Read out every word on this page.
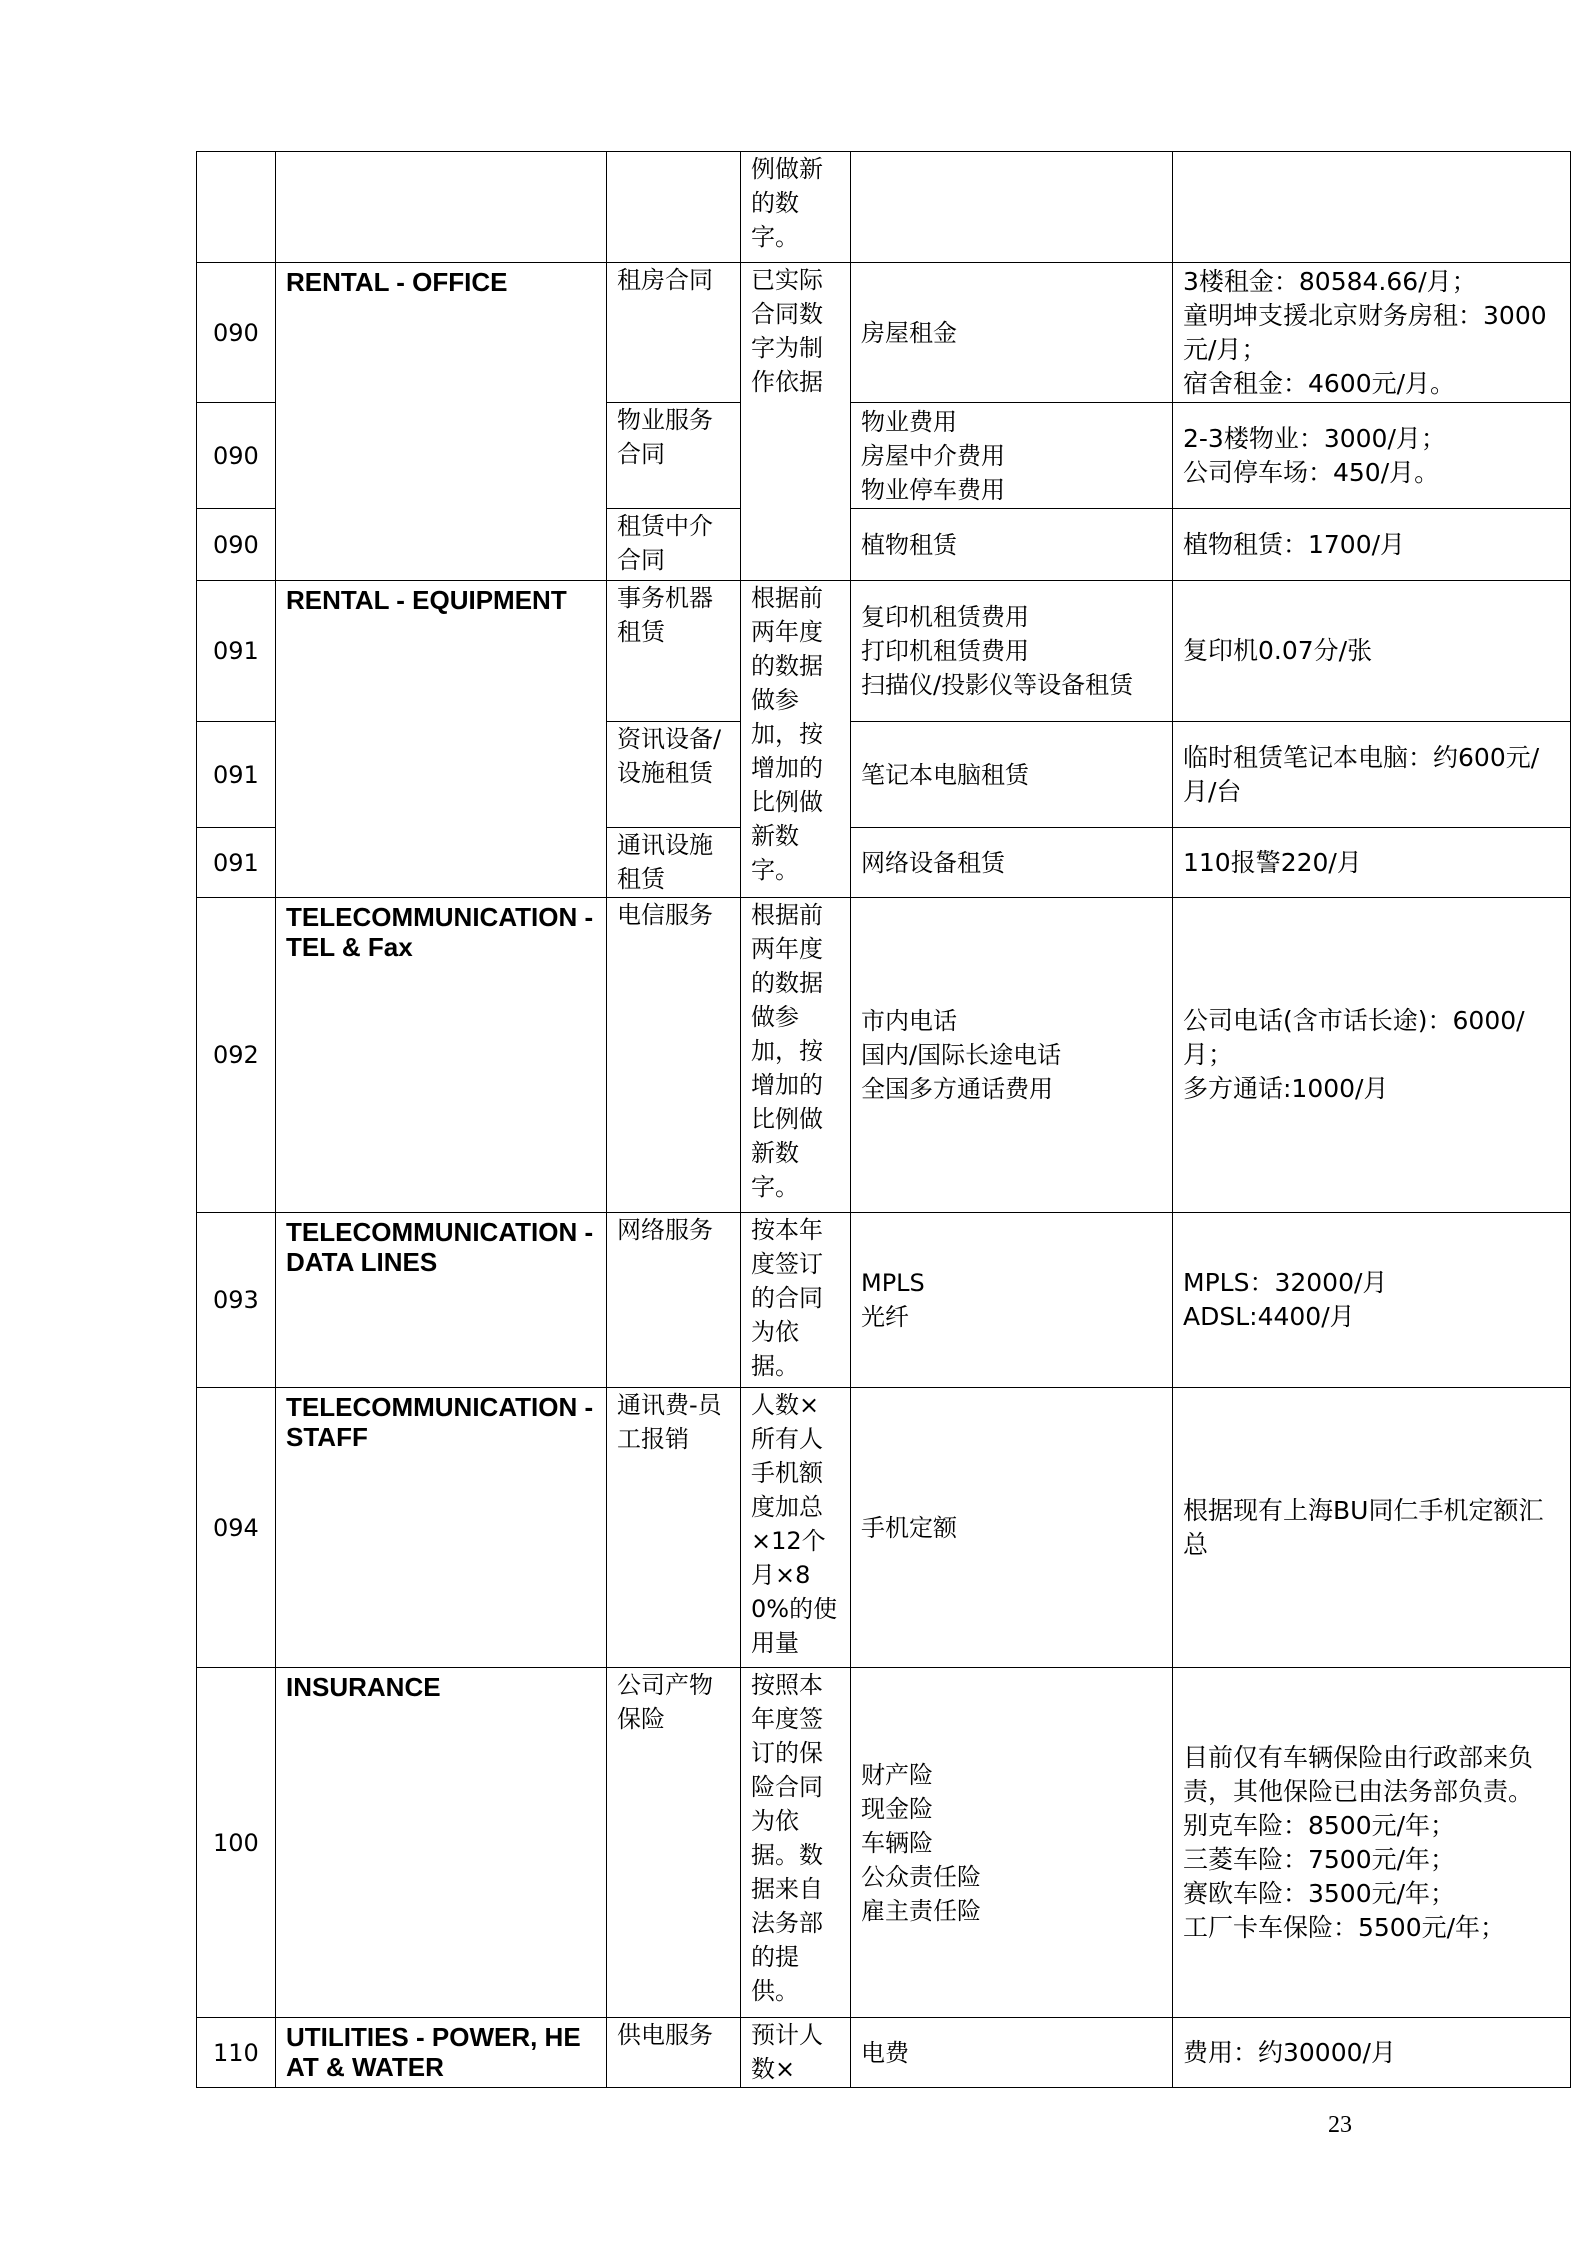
			例做新的数字。		
090	RENTAL - OFFICE	租房合同	已实际合同数字为制作依据	房屋租金	3楼租金：80584.66/月；
童明坤支援北京财务房租：3000元/月；
宿舍租金：4600元/月。
090		物业服务合同		物业费用
房屋中介费用
物业停车费用	2-3楼物业：3000/月；
公司停车场：450/月。
090		租赁中介合同		植物租赁	植物租赁：1700/月
091	RENTAL - EQUIPMENT	事务机器租赁	根据前两年度的数据做参加，按增加的比例做新数字。	复印机租赁费用
打印机租赁费用
扫描仪/投影仪等设备租赁	复印机0.07分/张
091		资讯设备/设施租赁		笔记本电脑租赁	临时租赁笔记本电脑：约600元/月/台
091		通讯设施租赁		网络设备租赁	110报警220/月
092	TELECOMMUNICATION - TEL & Fax	电信服务	根据前两年度的数据做参加，按增加的比例做新数字。	市内电话
国内/国际长途电话
全国多方通话费用	公司电话(含市话长途)：6000/月；
多方通话:1000/月
093	TELECOMMUNICATION - DATA LINES	网络服务	按本年度签订的合同为依据。	MPLS
光纤	MPLS：32000/月
ADSL:4400/月
094	TELECOMMUNICATION - STAFF	通讯费-员工报销	人数×所有人手机额度加总×12个月×80%的使用量	手机定额	根据现有上海BU同仁手机定额汇总
100	INSURANCE	公司产物保险	按照本年度签订的保险合同为依据。数据来自法务部的提供。	财产险
现金险
车辆险
公众责任险
雇主责任险	目前仅有车辆保险由行政部来负责，其他保险已由法务部负责。
别克车险：8500元/年；
三菱车险：7500元/年；
赛欧车险：3500元/年；
工厂卡车保险：5500元/年；
110	UTILITIES - POWER, HEAT & WATER	供电服务	预计人数×	电费	费用：约30000/月
23
